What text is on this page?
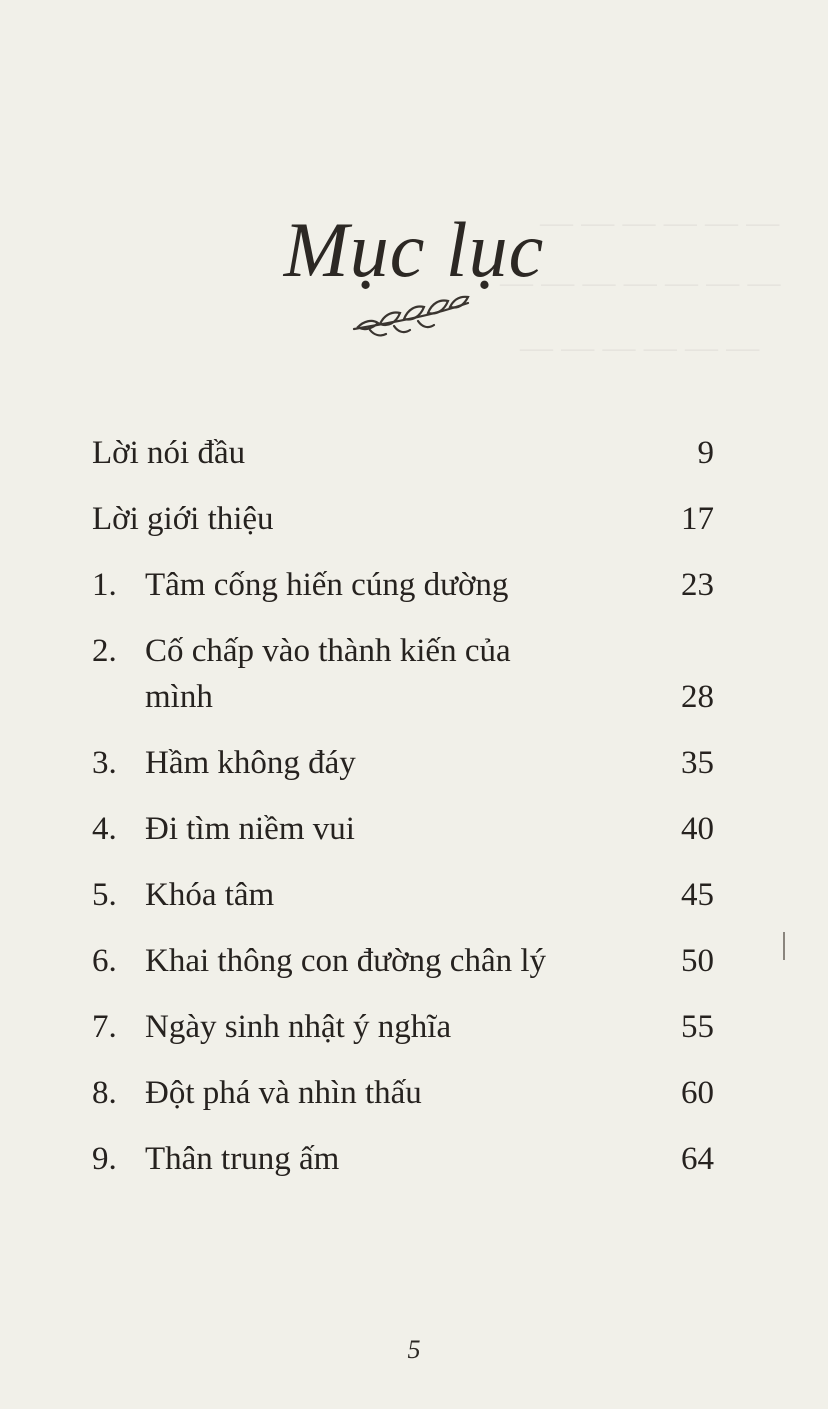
— — — — — —
— — — — — — —
— — — — — —
Mục lục
Lời nói đầu	9
Lời giới thiệu	17
1. Tâm cống hiến cúng dường	23
2. Cố chấp vào thành kiến của mình	28
3. Hầm không đáy	35
4. Đi tìm niềm vui	40
5. Khóa tâm	45
6. Khai thông con đường chân lý	50
7. Ngày sinh nhật ý nghĩa	55
8. Đột phá và nhìn thấu	60
9. Thân trung ấm	64
5
